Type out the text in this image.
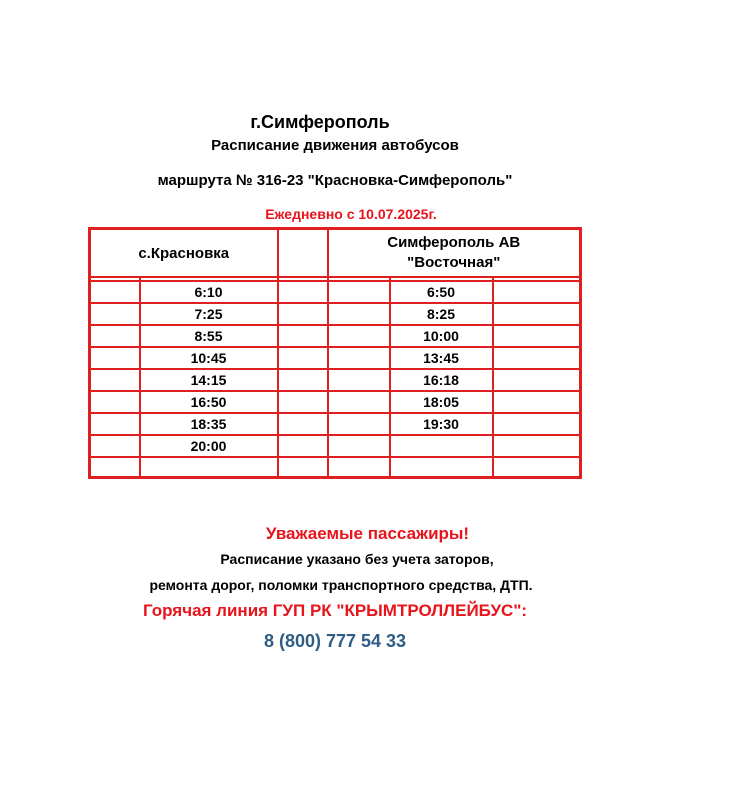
г.Симферополь
Расписание движения автобусов
маршрута № 316-23 "Красновка-Симферополь"
Ежедневно с 10.07.2025г.
с.Красновка			Симферополь АВ
"Восточная"		

	6:10			6:50	
	7:25			8:25	
	8:55			10:00	
	10:45			13:45	
	14:15			16:18	
	16:50			18:05	
	18:35			19:30	
	20:00				

Уважаемые пассажиры!
Расписание указано без учета заторов,
ремонта дорог, поломки транспортного средства, ДТП.
Горячая линия ГУП РК "КРЫМТРОЛЛЕЙБУС":
8 (800) 777 54 33
